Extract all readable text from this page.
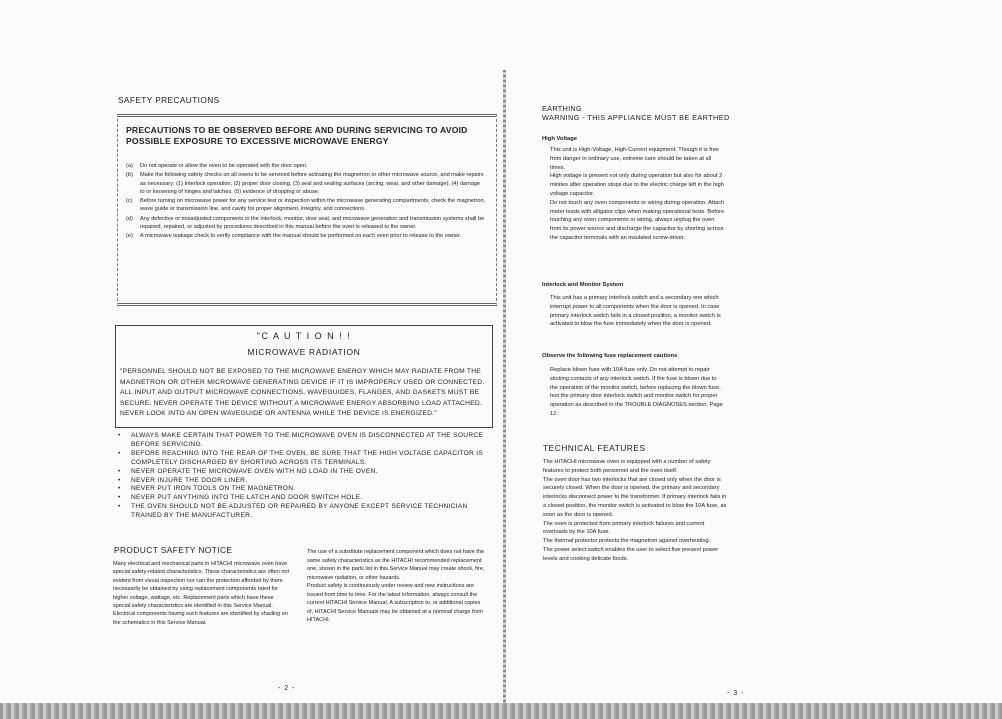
SAFETY PRECAUTIONS
PRECAUTIONS TO BE OBSERVED BEFORE AND DURING SERVICING TO AVOID POSSIBLE EXPOSURE TO EXCESSIVE MICROWAVE ENERGY
(a) Do not operate or allow the oven to be operated with the door open.
(b) Make the following safety checks on all ovens to be serviced before activating the magnetron or other microwave source, and make repairs as necessary: (1) Interlock operation, (2) proper door closing, (3) seal and sealing surfaces (arcing, wear, and other damage), (4) damage to or loosening of hinges and latches, (5) evidence of dropping or abuse.
(c) Before turning on microwave power for any service test or inspection within the microwave generating compartments, check the magnetron, wave guide or transmission line, and cavity for proper alignment, integrity, and connections.
(d) Any defective or misadjusted components in the interlock, monitor, door seal, and microwave generation and transmission systems shall be repaired, repaired, or adjusted by procedures described in this manual before the oven is released to the owner.
(e) A microwave leakage check to verify compliance with the manual should be performed on each oven prior to release to the owner.
"C A U T I O N ! !
MICROWAVE RADIATION
"PERSONNEL SHOULD NOT BE EXPOSED TO THE MICROWAVE ENERGY WHICH MAY RADIATE FROM THE MAGNETRON OR OTHER MICROWAVE GENERATING DEVICE IF IT IS IMPROPERLY USED OR CONNECTED. ALL INPUT AND OUTPUT MICROWAVE CONNECTIONS, WAVEGUIDES, FLANGES, AND GASKETS MUST BE SECURE. NEVER OPERATE THE DEVICE WITHOUT A MICROWAVE ENERGY ABSORBING LOAD ATTACHED. NEVER LOOK INTO AN OPEN WAVEGUIDE OR ANTENNA WHILE THE DEVICE IS ENERGIZED."
• ALWAYS MAKE CERTAIN THAT POWER TO THE MICROWAVE OVEN IS DISCONNECTED AT THE SOURCE BEFORE SERVICING.
• BEFORE REACHING INTO THE REAR OF THE OVEN, BE SURE THAT THE HIGH VOLTAGE CAPACITOR IS COMPLETELY DISCHARGED BY SHORTING ACROSS ITS TERMINALS.
• NEVER OPERATE THE MICROWAVE OVEN WITH NO LOAD IN THE OVEN.
• NEVER INJURE THE DOOR LINER.
• NEVER PUT IRON TOOLS ON THE MAGNETRON.
• NEVER PUT ANYTHING INTO THE LATCH AND DOOR SWITCH HOLE.
• THE OVEN SHOULD NOT BE ADJUSTED OR REPAIRED BY ANYONE EXCEPT SERVICE TECHNICIAN TRAINED BY THE MANUFACTURER.
PRODUCT SAFETY NOTICE

Many electrical and mechanical parts in HITACHI microwave oven have special safety-related characteristics. These characteristics are often not evident from visual inspection nor can the protection afforded by them necessarily be obtained by using replacement components rated for higher voltage, wattage, etc. Replacement parts which have these special safety characteristics are identified in this Service Manual.

Electrical components having such features are identified by shading on the schematics in this Service Manual.

The use of a substitute replacement component which does not have the same safety characteristics as the HITACHI recommended replacement one, shown in the parts list in this Service Manual may create shock, fire, microwave radiation, or other hazards.

Product safety is continuously under review and new instructions are issued from time to time. For the latest information, always consult the current HITACHI Service Manual. A subscription to, or additional copies of, HITACHI Service Manuals may be obtained at a nominal charge from HITACHI.

- 2 -
EARTHING
WARNING - THIS APPLIANCE MUST BE EARTHED
High Voltage

This unit is High-Voltage, High-Current equipment. Though it is free from danger in ordinary use, extreme care should be taken at all times.

High voltage is present not only during operation but also for about 2 minites after operation stops due to the electric charge left in the high voltage capacitor.

Do not touch any oven components or wiring during operation. Attach meter leads with alligator clips when making operational tests. Before touching any oven components or wiring, always unplug the oven from its power source and discharge the capacitor by shorting across the capacitor terminals with an insulated screw-driver.

Interlock and Monitor System
This unit has a primary interlock switch and a secondary one which interrupt power to all components when the door is opened. In case primary interlock switch fails in a closed position, a monitor switch is activated to blow the fuse immediately when the door is opened.
Observe the following fuse replacement cautions
Replace blown fuse with 10A fuse only. Do not attempt to repair sticking contacts of any interlock switch. If the fuse is blown due to the operation of the monitor switch, before replacing the blown fuse, test the primary door interlock switch and monitor switch for proper operation as described in the TROUBLE DIAGNOSES section, Page 12.
TECHNICAL FEATURES

The HITACHI microwave oven is equipped with a number of safety features to protect both personnel and the oven itself.

The oven door has two interlocks that are closed only when the door is securely closed. When the door is opened, the primary and secondary interlocks disconnect power to the transformer. If primary interlock fails in a closed position, the monitor switch is activated to blow the 10A fuse, as soon as the door is opened.

The oven is protected from primary interlock failures and current overloads by the 10A fuse.

The thermal protector protects the magnetron against overheating.

The power select switch enables the user to select five present power levels and cooking delicate foods.

- 3 -
